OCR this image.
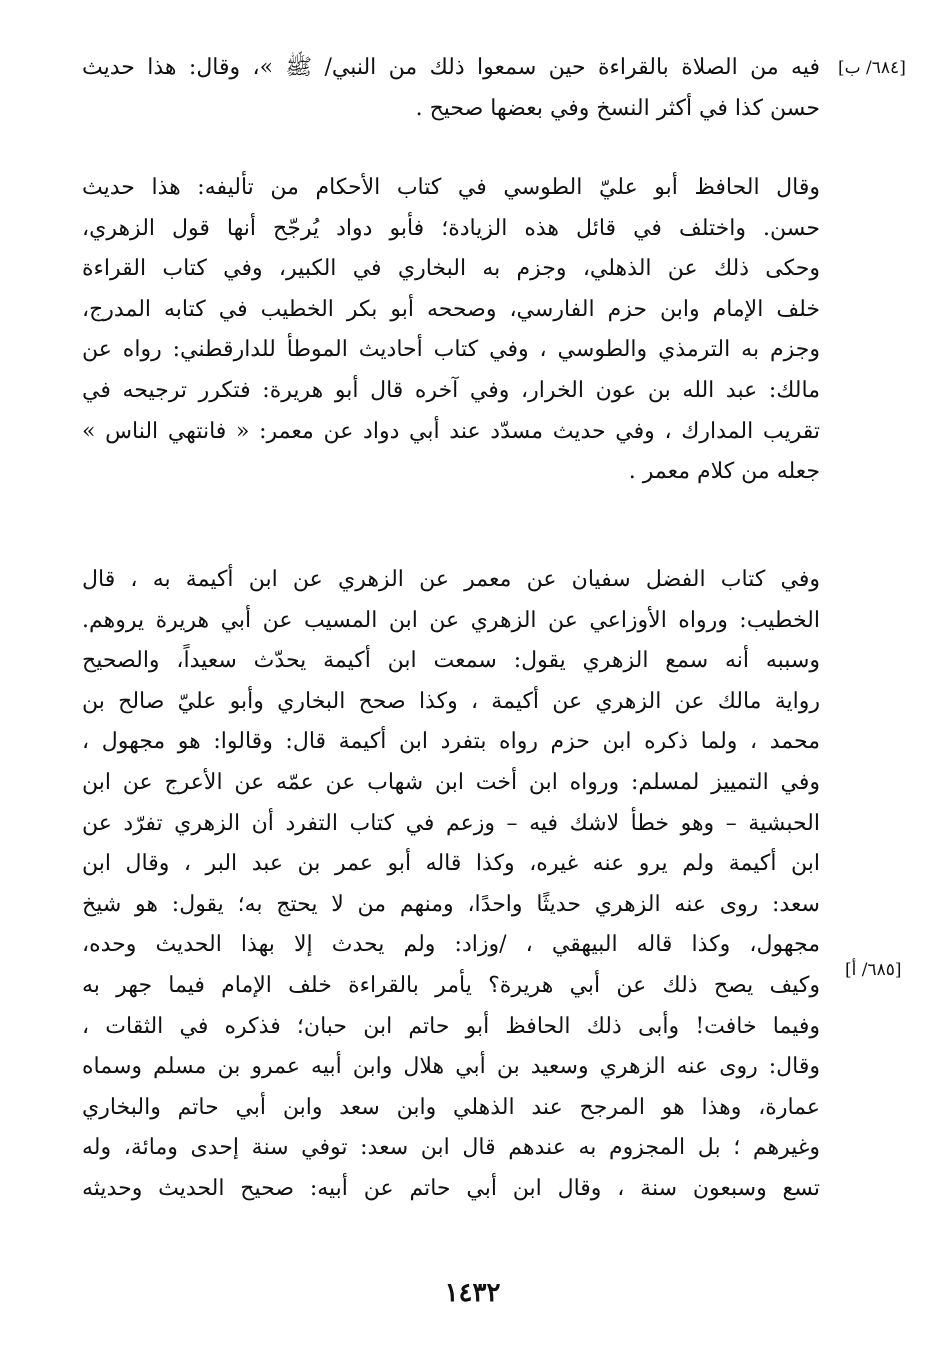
[٦٨٤/ ب]
[٦٨٥/ أ]
فيه من الصلاة بالقراءة حين سمعوا ذلك من النبي/ ﷺ »، وقال: هذا حديث
حسن كذا في أكثر النسخ وفي بعضها صحيح .
وقال الحافظ أبو عليّ الطوسي في كتاب الأحكام من تأليفه: هذا حديث
حسن. واختلف في قائل هذه الزيادة؛ فأبو دواد يُرجّح أنها قول الزهري،
وحكى ذلك عن الذهلي، وجزم به البخاري في الكبير، وفي كتاب القراءة
خلف الإمام وابن حزم الفارسي، وصححه أبو بكر الخطيب في كتابه المدرج،
وجزم به الترمذي والطوسي ، وفي كتاب أحاديث الموطأ للدارقطني: رواه عن
مالك: عبد الله بن عون الخرار، وفي آخره قال أبو هريرة: فتكرر ترجيحه في
تقريب المدارك ، وفي حديث مسدّد عند أبي دواد عن معمر: « فانتهي الناس »
جعله من كلام معمر .
وفي كتاب الفضل سفيان عن معمر عن الزهري عن ابن أكيمة به ، قال
الخطيب: ورواه الأوزاعي عن الزهري عن ابن المسيب عن أبي هريرة يروهم.
وسببه أنه سمع الزهري يقول: سمعت ابن أكيمة يحدّث سعيداً، والصحيح
رواية مالك عن الزهري عن أكيمة ، وكذا صحح البخاري وأبو عليّ صالح بن
محمد ، ولما ذكره ابن حزم رواه بتفرد ابن أكيمة قال: وقالوا: هو مجهول ،
وفي التمييز لمسلم: ورواه ابن أخت ابن شهاب عن عمّه عن الأعرج عن ابن
الحبشية – وهو خطأ لاشك فيه – وزعم في كتاب التفرد أن الزهري تفرّد عن
ابن أكيمة ولم يرو عنه غيره، وكذا قاله أبو عمر بن عبد البر ، وقال ابن
سعد: روى عنه الزهري حديثًا واحدًا، ومنهم من لا يحتج به؛ يقول: هو شيخ
مجهول، وكذا قاله البيهقي ، /وزاد: ولم يحدث إلا بهذا الحديث وحده،
وكيف يصح ذلك عن أبي هريرة؟ يأمر بالقراءة خلف الإمام فيما جهر به
وفيما خافت! وأبى ذلك الحافظ أبو حاتم ابن حبان؛ فذكره في الثقات ،
وقال: روى عنه الزهري وسعيد بن أبي هلال وابن أبيه عمرو بن مسلم وسماه
عمارة، وهذا هو المرجح عند الذهلي وابن سعد وابن أبي حاتم والبخاري
وغيرهم ؛ بل المجزوم به عندهم قال ابن سعد: توفي سنة إحدى ومائة، وله
تسع وسبعون سنة ، وقال ابن أبي حاتم عن أبيه: صحيح الحديث وحديثه
١٤٣٢
